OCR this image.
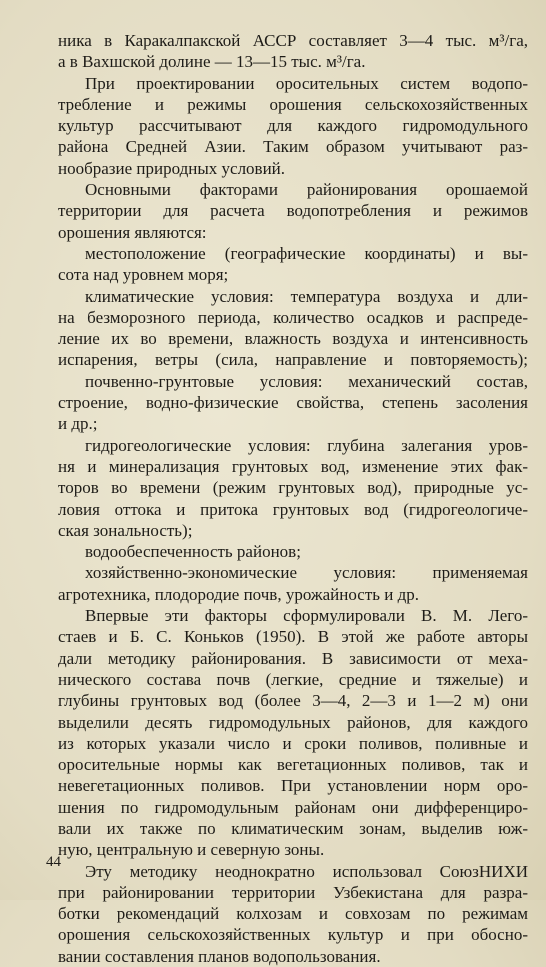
ника в Каракалпакской АССР составляет 3—4 тыс. м³/га,
а в Вахшской долине — 13—15 тыс. м³/га.
При проектировании оросительных систем водопо-
требление и режимы орошения сельскохозяйственных
культур рассчитывают для каждого гидромодульного
района Средней Азии. Таким образом учитывают раз-
нообразие природных условий.
Основными факторами районирования орошаемой
территории для расчета водопотребления и режимов
орошения являются:
местоположение (географические координаты) и вы-
сота над уровнем моря;
климатические условия: температура воздуха и дли-
на безморозного периода, количество осадков и распреде-
ление их во времени, влажность воздуха и интенсивность
испарения, ветры (сила, направление и повторяемость);
почвенно-грунтовые условия: механический состав,
строение, водно-физические свойства, степень засоления
и др.;
гидрогеологические условия: глубина залегания уров-
ня и минерализация грунтовых вод, изменение этих фак-
торов во времени (режим грунтовых вод), природные ус-
ловия оттока и притока грунтовых вод (гидрогеологиче-
ская зональность);
водообеспеченность районов;
хозяйственно-экономические условия: применяемая
агротехника, плодородие почв, урожайность и др.
Впервые эти факторы сформулировали В. М. Лего-
стаев и Б. С. Коньков (1950). В этой же работе авторы
дали методику районирования. В зависимости от меха-
нического состава почв (легкие, средние и тяжелые) и
глубины грунтовых вод (более 3—4, 2—3 и 1—2 м) они
выделили десять гидромодульных районов, для каждого
из которых указали число и сроки поливов, поливные и
оросительные нормы как вегетационных поливов, так и
невегетационных поливов. При установлении норм оро-
шения по гидромодульным районам они дифференциро-
вали их также по климатическим зонам, выделив юж-
ную, центральную и северную зоны.
Эту методику неоднократно использовал СоюзНИХИ
при районировании территории Узбекистана для разра-
ботки рекомендаций колхозам и совхозам по режимам
орошения сельскохозяйственных культур и при обосно-
вании составления планов водопользования.
44
